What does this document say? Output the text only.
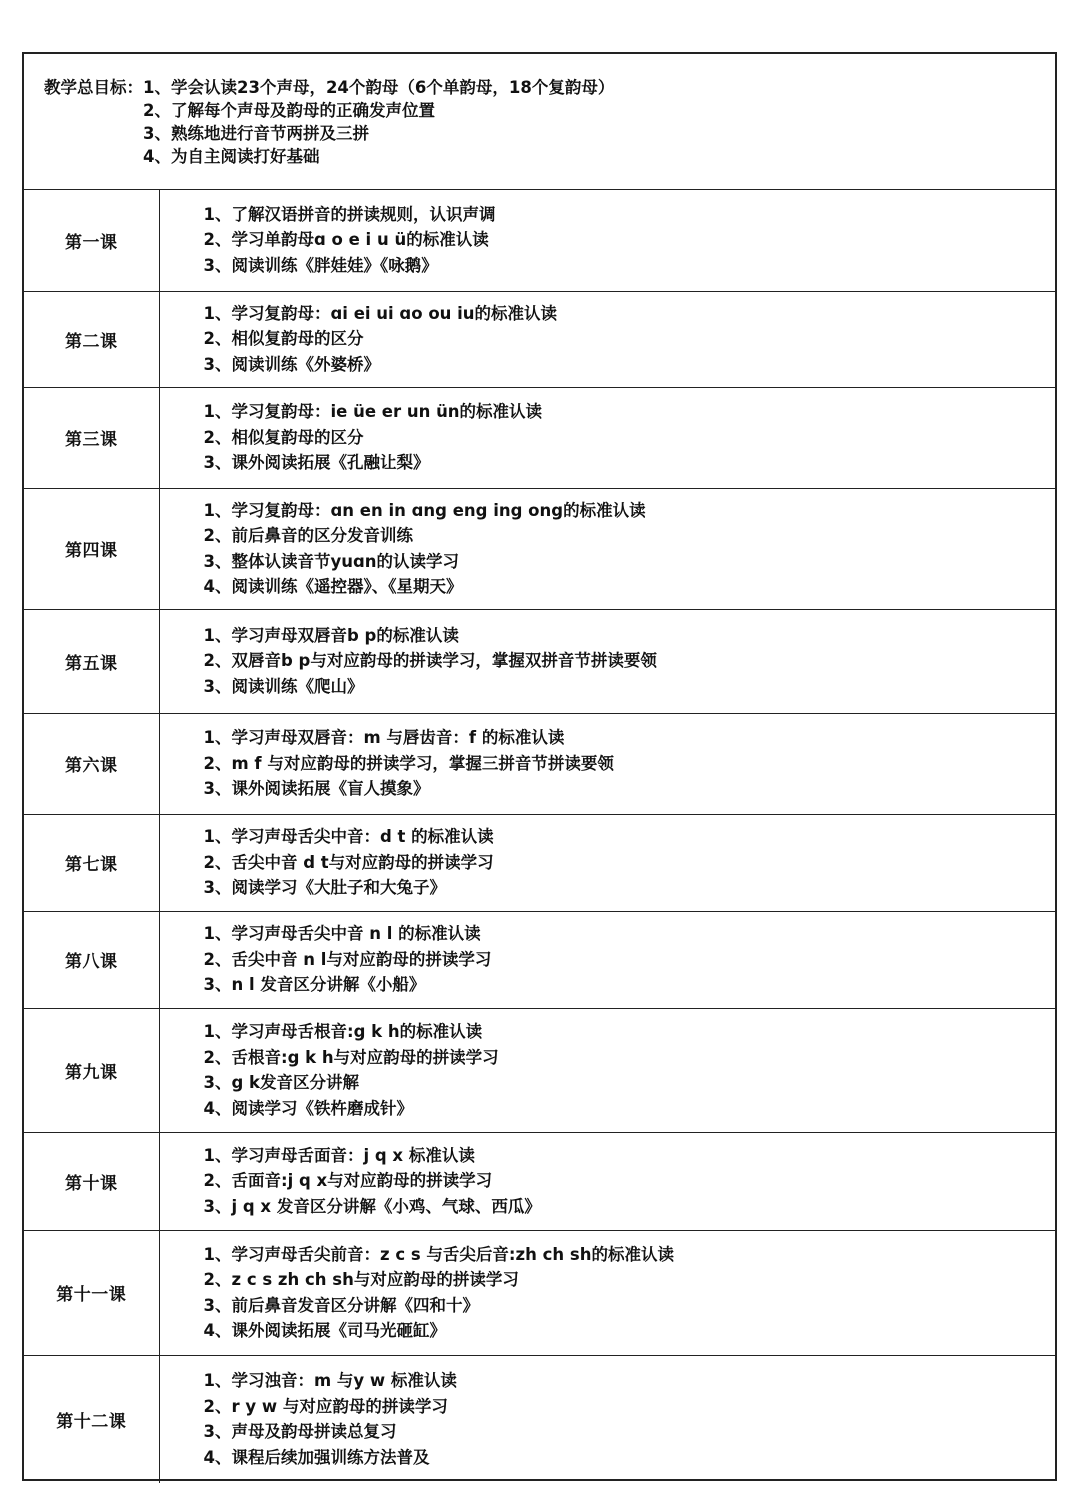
教学总目标： 1、学会认读23个声母，24个韵母（6个单韵母，18个复韵母）
2、了解每个声母及韵母的正确发声位置
3、熟练地进行音节两拼及三拼
4、为自主阅读打好基础	

第一课	1、了解汉语拼音的拼读规则，认识声调
2、学习单韵母ɑ o e i u ü的标准认读
3、阅读训练《胖娃娃》《咏鹅》

第二课	1、学习复韵母：ɑi ei ui ɑo ou iu的标准认读
2、相似复韵母的区分
3、阅读训练《外婆桥》

第三课	1、学习复韵母：ie üe er un ün的标准认读
2、相似复韵母的区分
3、课外阅读拓展《孔融让梨》

第四课	1、学习复韵母：ɑn en in ɑng eng ing ong的标准认读
2、前后鼻音的区分发音训练
3、整体认读音节yuɑn的认读学习
4、阅读训练《遥控器》、《星期天》

第五课	1、学习声母双唇音b p的标准认读
2、双唇音b p与对应韵母的拼读学习，掌握双拼音节拼读要领
3、阅读训练《爬山》

第六课	1、学习声母双唇音：m 与唇齿音：f 的标准认读
2、m f 与对应韵母的拼读学习，掌握三拼音节拼读要领
3、课外阅读拓展《盲人摸象》

第七课	1、学习声母舌尖中音：d t 的标准认读
2、舌尖中音 d t与对应韵母的拼读学习
3、阅读学习《大肚子和大兔子》

第八课	1、学习声母舌尖中音 n l 的标准认读
2、舌尖中音 n l与对应韵母的拼读学习
3、n l 发音区分讲解《小船》

第九课	1、学习声母舌根音:g k h的标准认读
2、舌根音:g k h与对应韵母的拼读学习
3、g k发音区分讲解
4、阅读学习《铁杵磨成针》

第十课	1、学习声母舌面音：j q x 标准认读
2、舌面音:j q x与对应韵母的拼读学习
3、j q x 发音区分讲解《小鸡、气球、西瓜》

第十一课	1、学习声母舌尖前音：z c s 与舌尖后音:zh ch sh的标准认读
2、z c s zh ch sh与对应韵母的拼读学习
3、前后鼻音发音区分讲解《四和十》
4、课外阅读拓展《司马光砸缸》

第十二课	1、学习浊音：m 与y w 标准认读
2、r y w 与对应韵母的拼读学习
3、声母及韵母拼读总复习
4、课程后续加强训练方法普及
